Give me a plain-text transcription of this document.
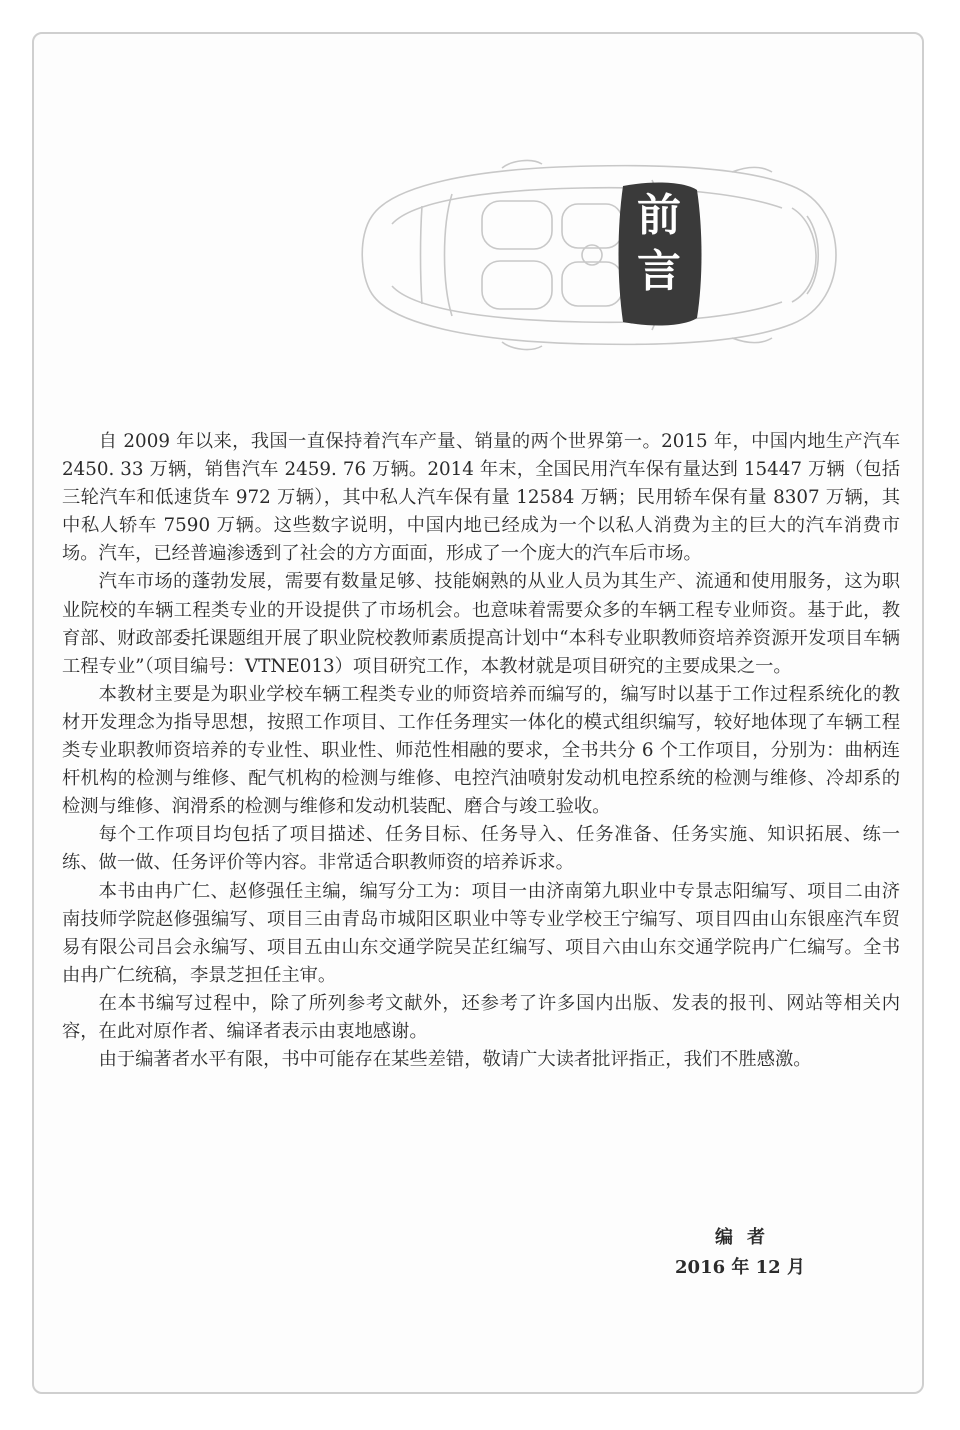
前
言

自 2009 年以来，我国一直保持着汽车产量、销量的两个世界第一。2015 年，中国内地生产汽车 2450. 33 万辆，销售汽车 2459. 76 万辆。2014 年末，全国民用汽车保有量达到 15447 万辆（包括三轮汽车和低速货车 972 万辆），其中私人汽车保有量 12584 万辆；民用轿车保有量 8307 万辆，其中私人轿车 7590 万辆。这些数字说明，中国内地已经成为一个以私人消费为主的巨大的汽车消费市场。汽车，已经普遍渗透到了社会的方方面面，形成了一个庞大的汽车后市场。

汽车市场的蓬勃发展，需要有数量足够、技能娴熟的从业人员为其生产、流通和使用服务，这为职业院校的车辆工程类专业的开设提供了市场机会。也意味着需要众多的车辆工程专业师资。基于此，教育部、财政部委托课题组开展了职业院校教师素质提高计划中“本科专业职教师资培养资源开发项目车辆工程专业”（项目编号：VTNE013）项目研究工作，本教材就是项目研究的主要成果之一。

本教材主要是为职业学校车辆工程类专业的师资培养而编写的，编写时以基于工作过程系统化的教材开发理念为指导思想，按照工作项目、工作任务理实一体化的模式组织编写，较好地体现了车辆工程类专业职教师资培养的专业性、职业性、师范性相融的要求，全书共分 6 个工作项目，分别为：曲柄连杆机构的检测与维修、配气机构的检测与维修、电控汽油喷射发动机电控系统的检测与维修、冷却系的检测与维修、润滑系的检测与维修和发动机装配、磨合与竣工验收。

每个工作项目均包括了项目描述、任务目标、任务导入、任务准备、任务实施、知识拓展、练一练、做一做、任务评价等内容。非常适合职教师资的培养诉求。

本书由冉广仁、赵修强任主编，编写分工为：项目一由济南第九职业中专景志阳编写、项目二由济南技师学院赵修强编写、项目三由青岛市城阳区职业中等专业学校王宁编写、项目四由山东银座汽车贸易有限公司吕会永编写、项目五由山东交通学院吴芷红编写、项目六由山东交通学院冉广仁编写。全书由冉广仁统稿，李景芝担任主审。

在本书编写过程中，除了所列参考文献外，还参考了许多国内出版、发表的报刊、网站等相关内容，在此对原作者、编译者表示由衷地感谢。

由于编著者水平有限，书中可能存在某些差错，敬请广大读者批评指正，我们不胜感激。

编者
2016 年 12 月
